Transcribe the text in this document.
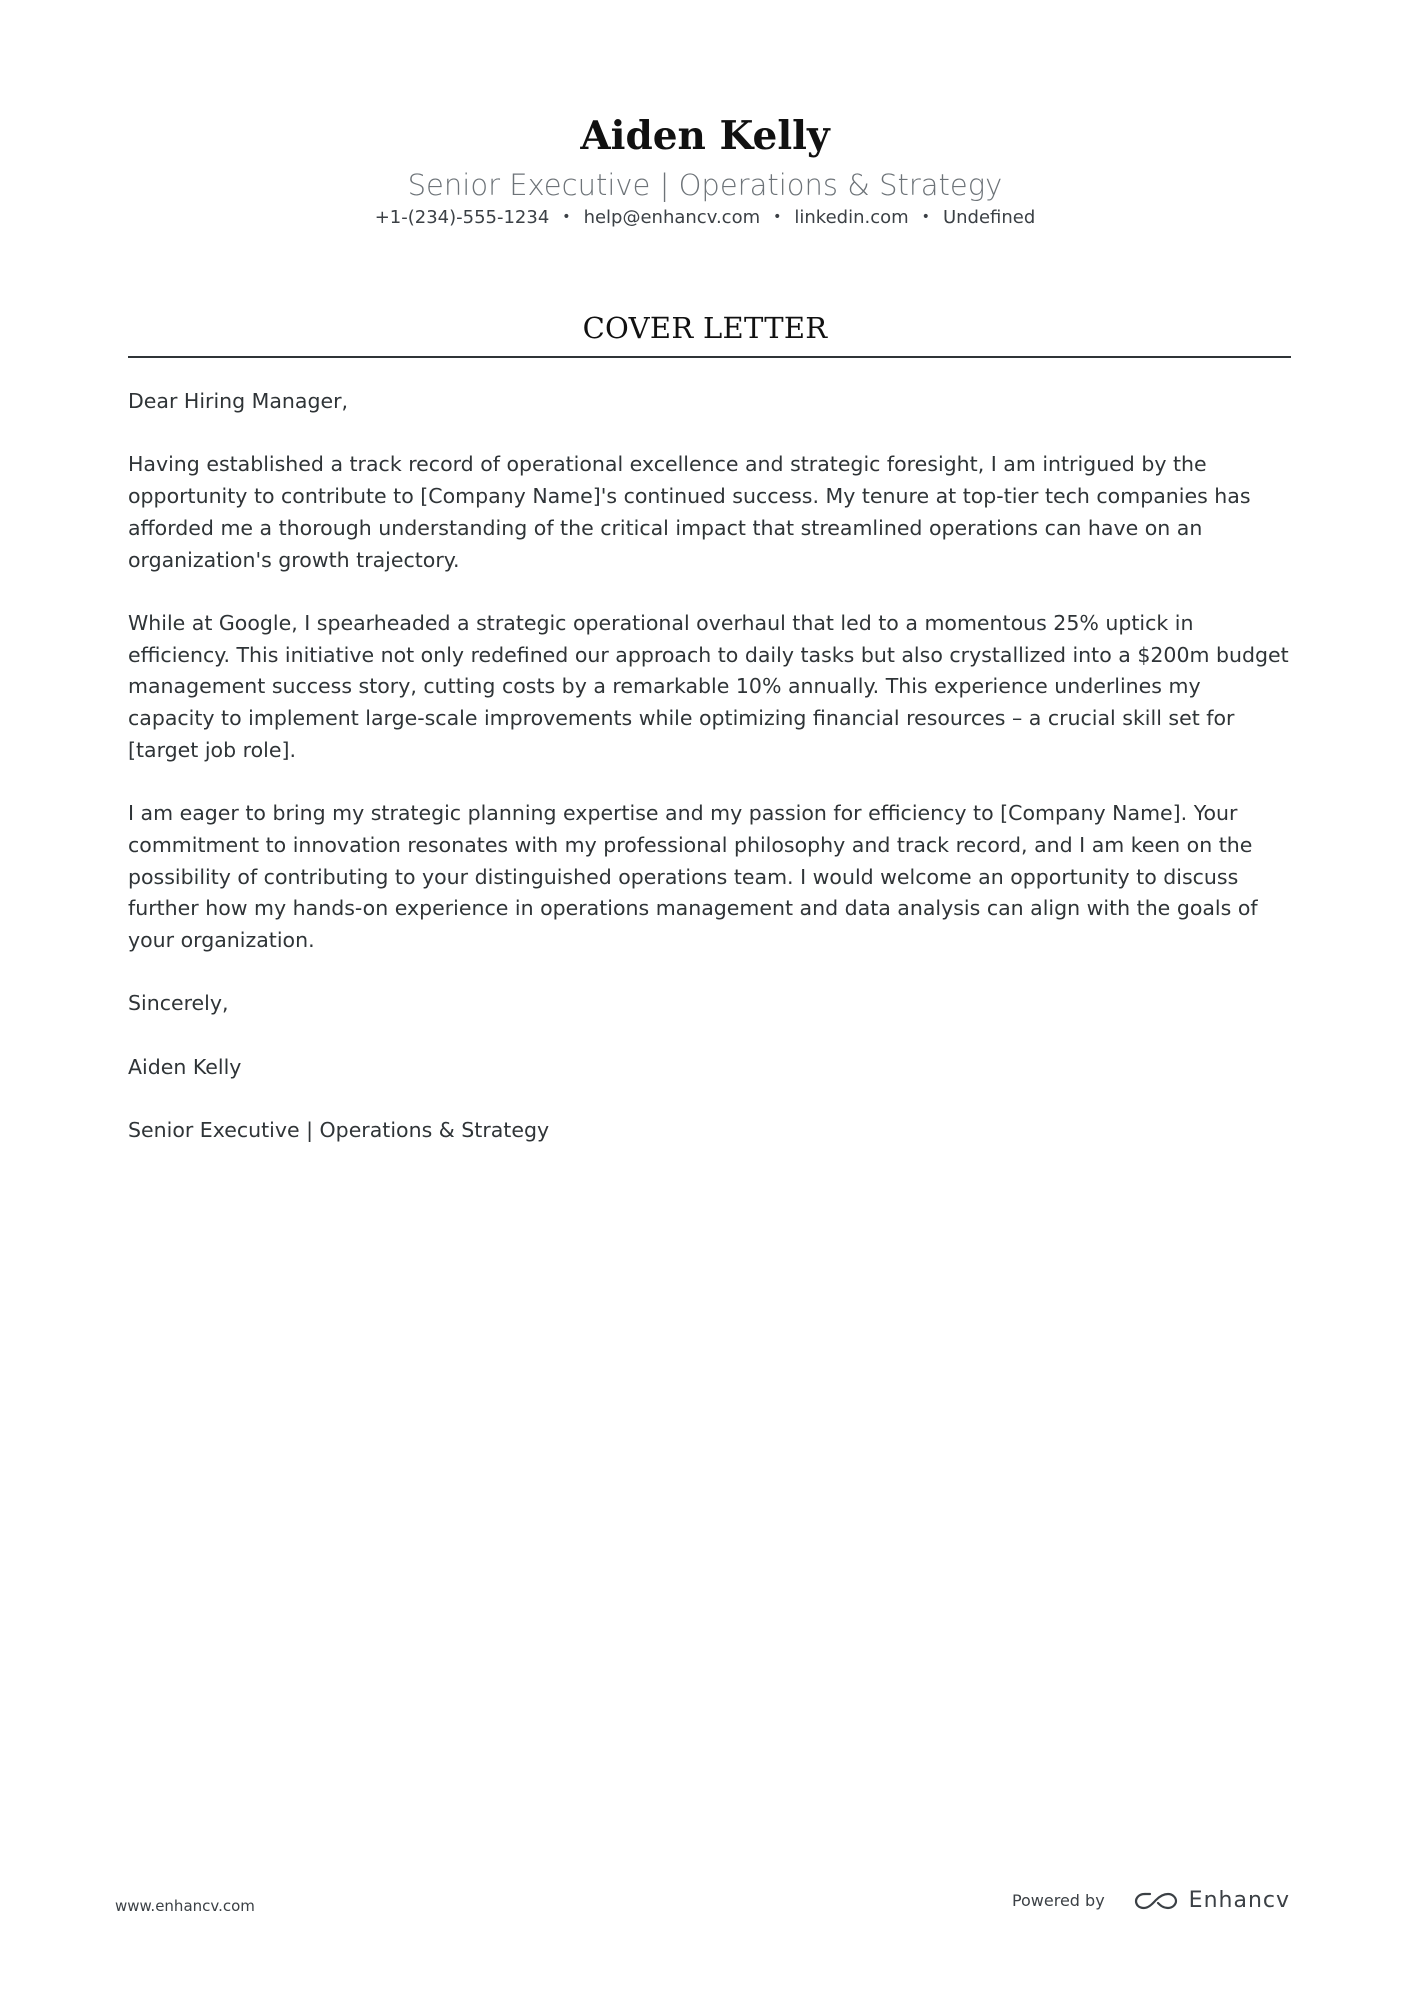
Aiden Kelly
Senior Executive | Operations & Strategy
+1-(234)-555-1234 • help@enhancv.com • linkedin.com • Undefined
COVER LETTER

Dear Hiring Manager,

Having established a track record of operational excellence and strategic foresight, I am intrigued by the opportunity to contribute to [Company Name]'s continued success. My tenure at top-tier tech companies has afforded me a thorough understanding of the critical impact that streamlined operations can have on an organization's growth trajectory.

While at Google, I spearheaded a strategic operational overhaul that led to a momentous 25% uptick in efficiency. This initiative not only redefined our approach to daily tasks but also crystallized into a $200m budget management success story, cutting costs by a remarkable 10% annually. This experience underlines my capacity to implement large-scale improvements while optimizing financial resources – a crucial skill set for [target job role].

I am eager to bring my strategic planning expertise and my passion for efficiency to [Company Name]. Your commitment to innovation resonates with my professional philosophy and track record, and I am keen on the possibility of contributing to your distinguished operations team. I would welcome an opportunity to discuss further how my hands-on experience in operations management and data analysis can align with the goals of your organization.

Sincerely,

Aiden Kelly

Senior Executive | Operations & Strategy

www.enhancv.com	Powered by	Enhancv
